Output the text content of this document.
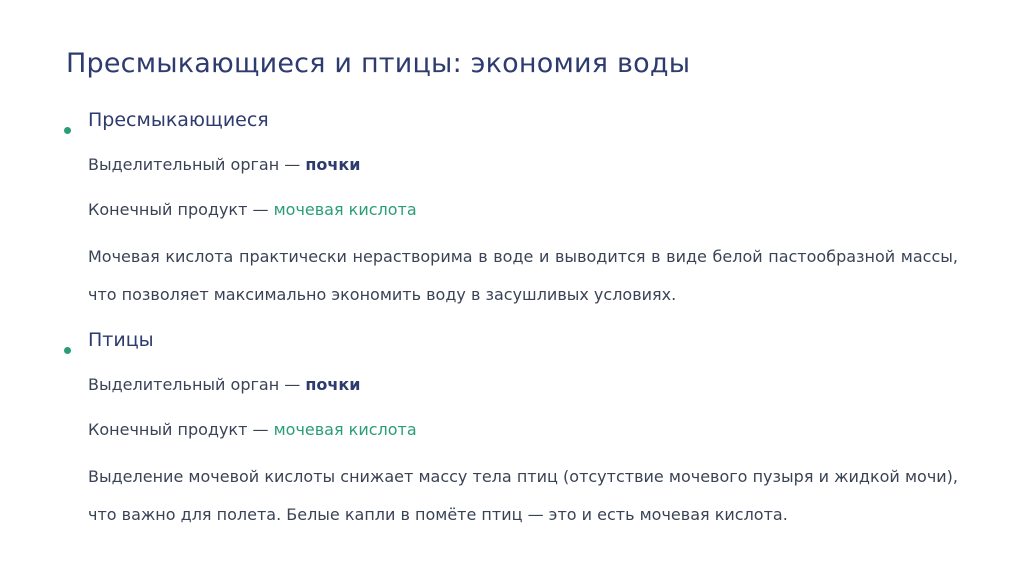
Пресмыкающиеся и птицы: экономия воды
Пресмыкающиеся

Выделительный орган — почки

Конечный продукт — мочевая кислота

Мочевая кислота практически нерастворима в воде и выводится в виде белой пастообразной массы, что позволяет максимально экономить воду в засушливых условиях.

Птицы

Выделительный орган — почки

Конечный продукт — мочевая кислота

Выделение мочевой кислоты снижает массу тела птиц (отсутствие мочевого пузыря и жидкой мочи), что важно для полета. Белые капли в помёте птиц — это и есть мочевая кислота.
